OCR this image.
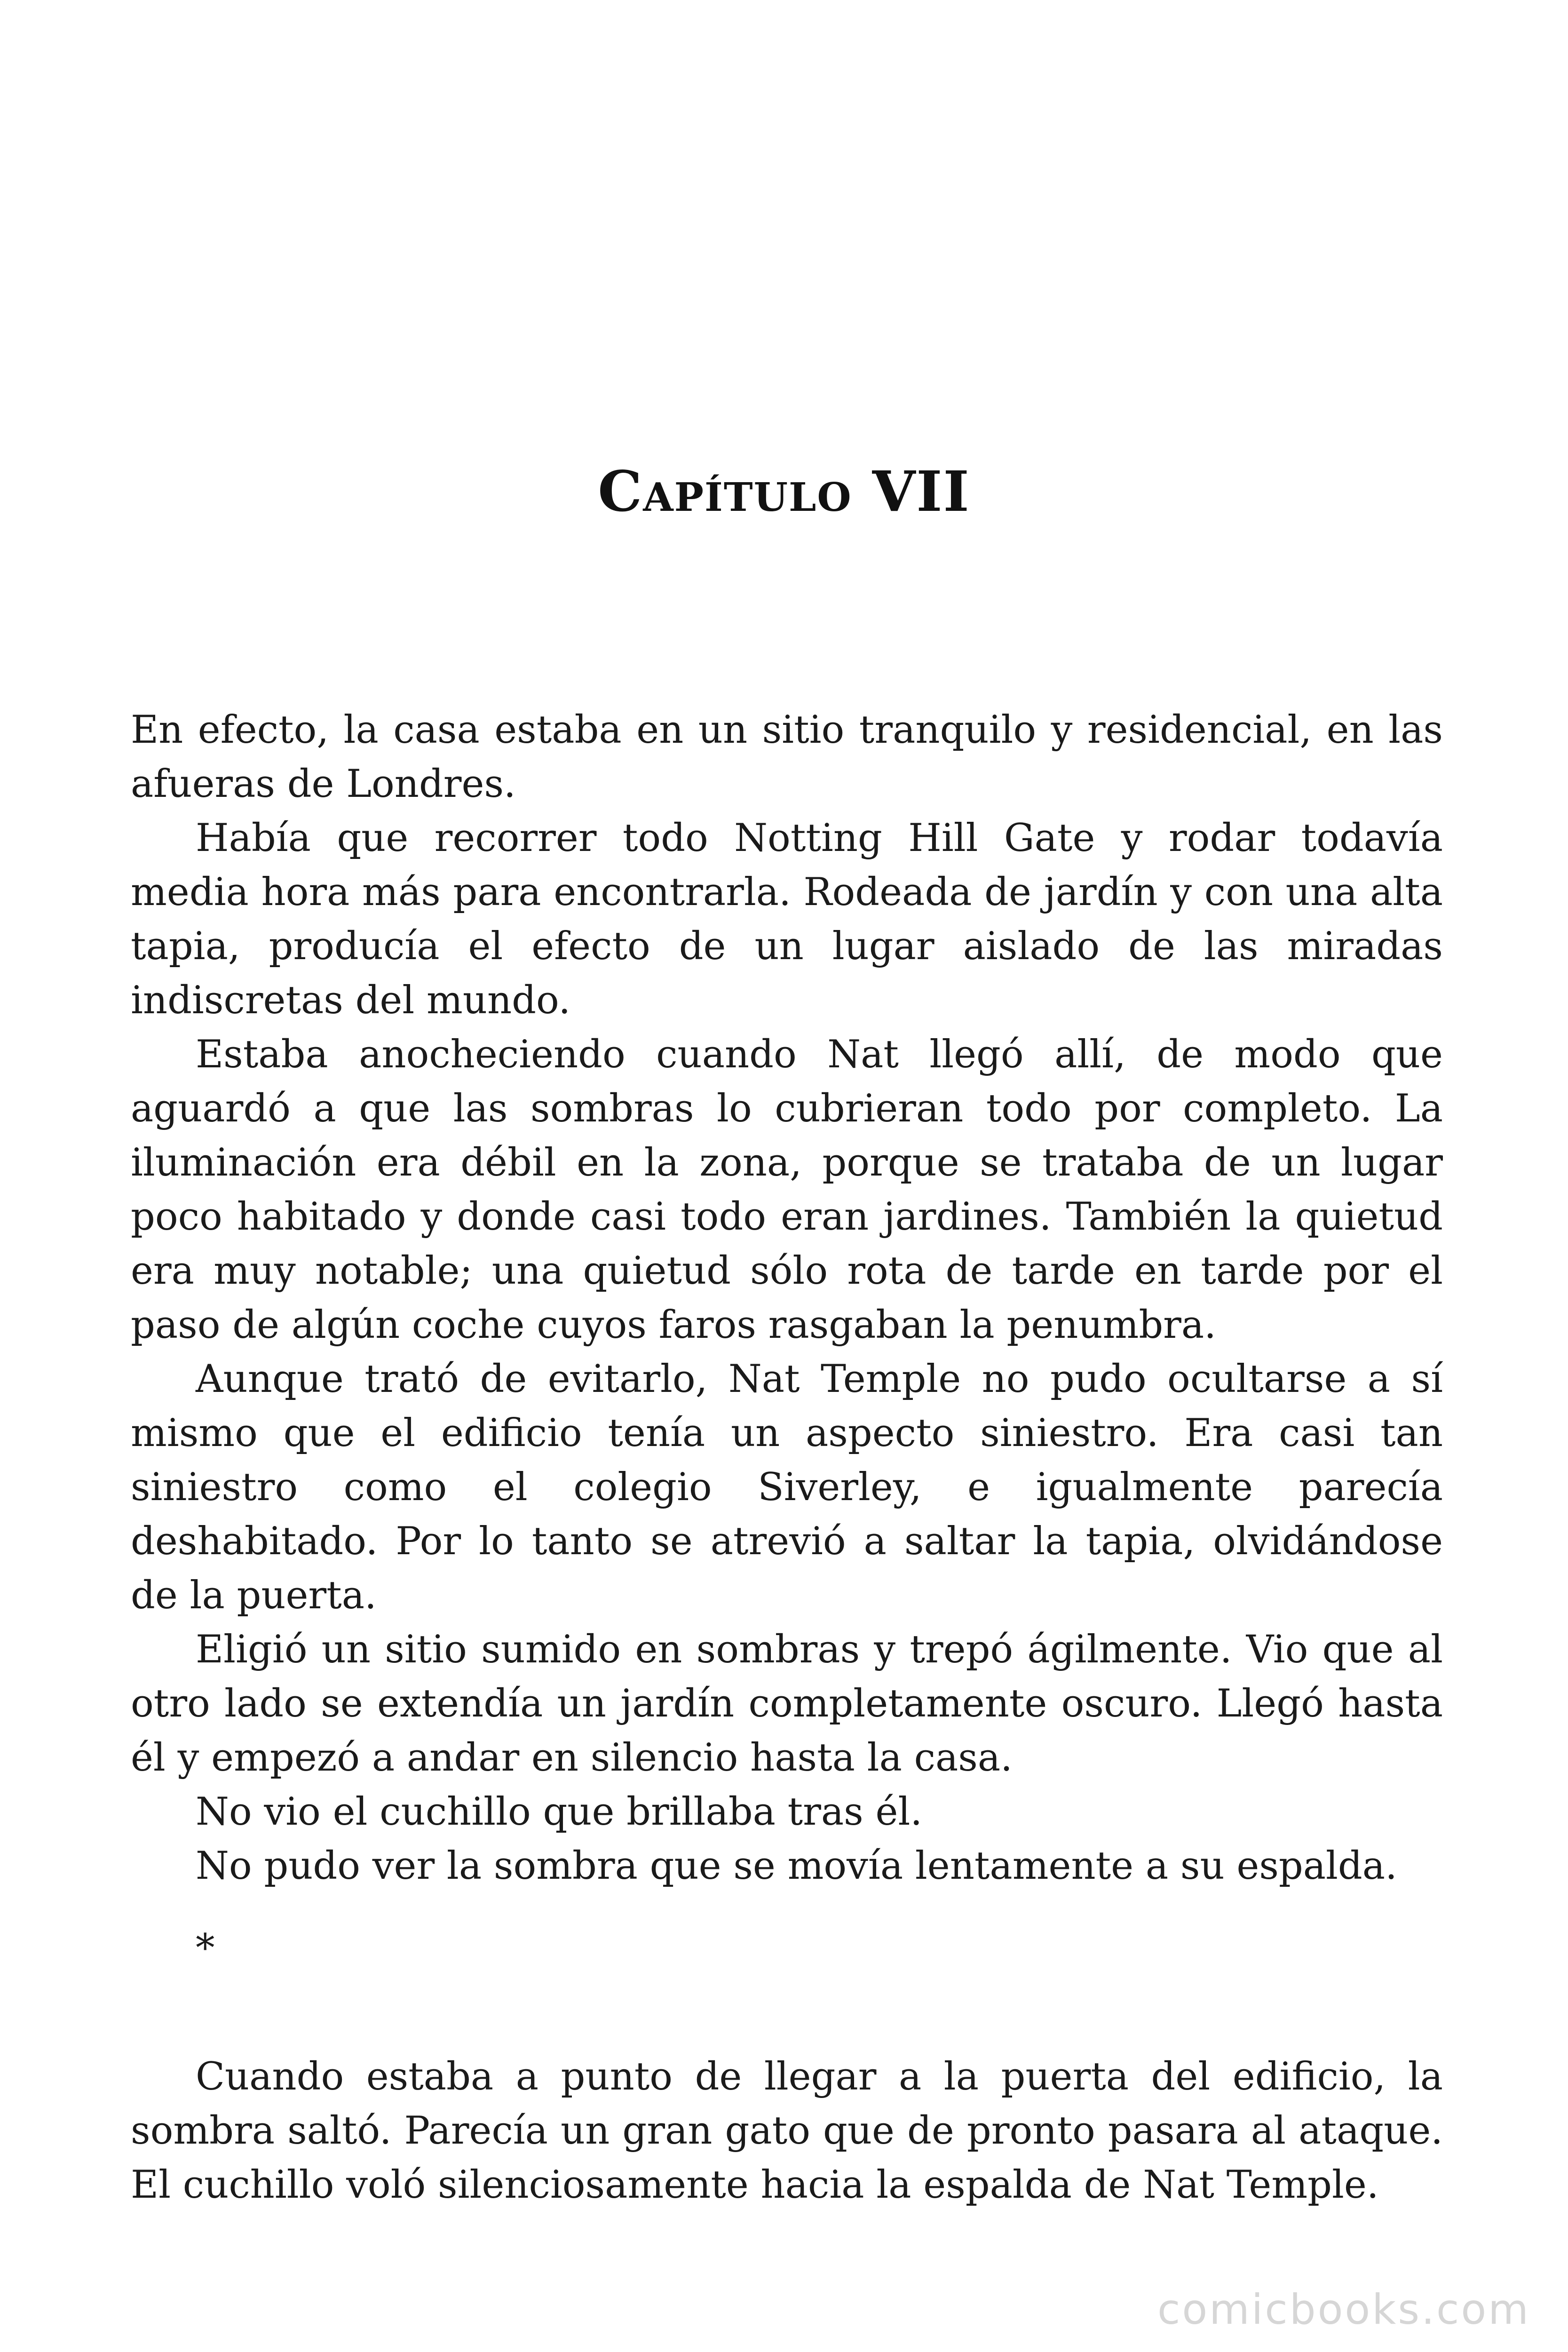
Capítulo VII

En efecto, la casa estaba en un sitio tranquilo y residencial, en las afueras de Londres.

Había que recorrer todo Notting Hill Gate y rodar todavía media hora más para encontrarla. Rodeada de jardín y con una alta tapia, producía el efecto de un lugar aislado de las miradas indiscretas del mundo.

Estaba anocheciendo cuando Nat llegó allí, de modo que aguardó a que las sombras lo cubrieran todo por completo. La iluminación era débil en la zona, porque se trataba de un lugar poco habitado y donde casi todo eran jardines. También la quietud era muy notable; una quietud sólo rota de tarde en tarde por el paso de algún coche cuyos faros rasgaban la penumbra.

Aunque trató de evitarlo, Nat Temple no pudo ocultarse a sí mismo que el edificio tenía un aspecto siniestro. Era casi tan siniestro como el colegio Siverley, e igualmente parecía deshabitado. Por lo tanto se atrevió a saltar la tapia, olvidándose de la puerta.

Eligió un sitio sumido en sombras y trepó ágilmente. Vio que al otro lado se extendía un jardín completamente oscuro. Llegó hasta él y empezó a andar en silencio hasta la casa.

No vio el cuchillo que brillaba tras él.

No pudo ver la sombra que se movía lentamente a su espalda.

*

Cuando estaba a punto de llegar a la puerta del edificio, la sombra saltó. Parecía un gran gato que de pronto pasara al ataque. El cuchillo voló silenciosamente hacia la espalda de Nat Temple.

comicbooks.com
